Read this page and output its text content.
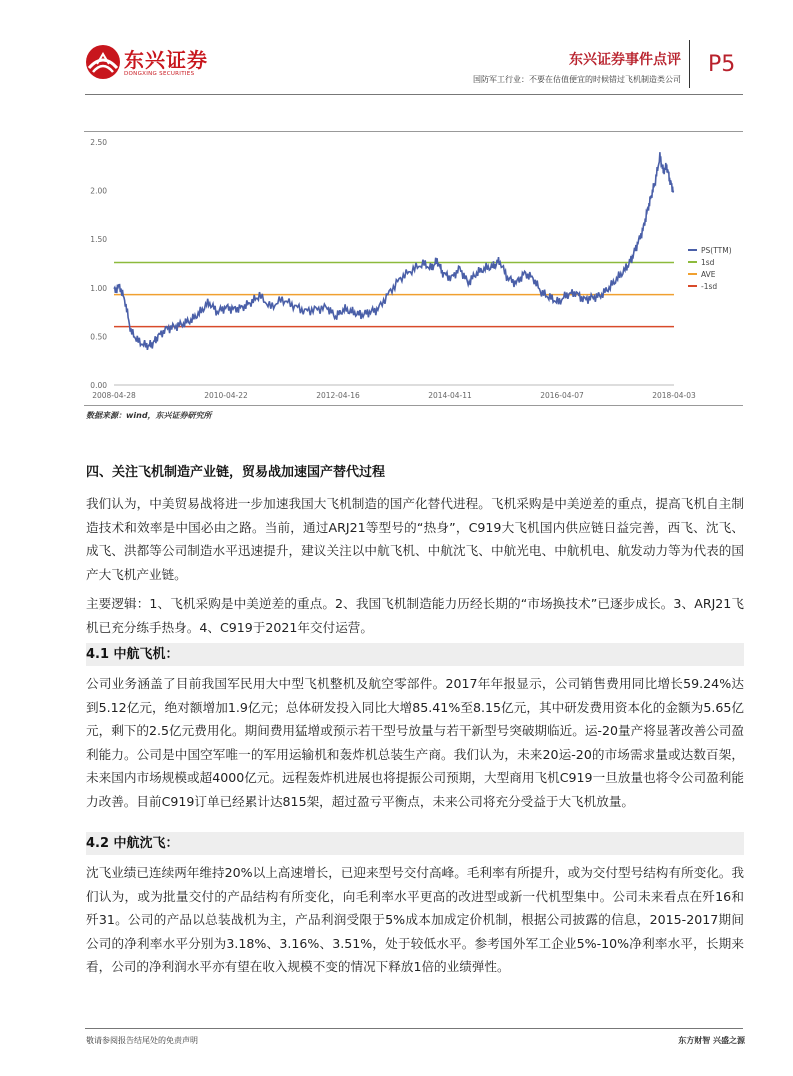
东兴证券
DONGXING SECURITIES
东兴证券事件点评
国防军工行业：不要在估值便宜的时候错过飞机制造类公司
P5
2.50
2.00
1.50
1.00
0.50
0.00
2008-04-28	2010-04-22	2012-04-16	2014-04-11	2016-04-07	2018-04-03
PS(TTM)
1sd
AVE
-1sd
数据来源：wind，东兴证券研究所
四、关注飞机制造产业链，贸易战加速国产替代过程
我们认为，中美贸易战将进一步加速我国大飞机制造的国产化替代进程。飞机采购是中美逆差的重点，提高飞机自主制造技术和效率是中国必由之路。当前，通过ARJ21等型号的“热身”，C919大飞机国内供应链日益完善，西飞、沈飞、成飞、洪都等公司制造水平迅速提升，建议关注以中航飞机、中航沈飞、中航光电、中航机电、航发动力等为代表的国产大飞机产业链。
主要逻辑：1、飞机采购是中美逆差的重点。2、我国飞机制造能力历经长期的“市场换技术”已逐步成长。3、ARJ21飞机已充分练手热身。4、C919于2021年交付运营。
4.1 中航飞机：
公司业务涵盖了目前我国军民用大中型飞机整机及航空零部件。2017年年报显示，公司销售费用同比增长59.24%达到5.12亿元，绝对额增加1.9亿元；总体研发投入同比大增85.41%至8.15亿元，其中研发费用资本化的金额为5.65亿元，剩下的2.5亿元费用化。期间费用猛增或预示若干型号放量与若干新型号突破期临近。运-20量产将显著改善公司盈利能力。公司是中国空军唯一的军用运输机和轰炸机总装生产商。我们认为，未来20运-20的市场需求量或达数百架，未来国内市场规模或超4000亿元。远程轰炸机进展也将提振公司预期，大型商用飞机C919一旦放量也将令公司盈利能力改善。目前C919订单已经累计达815架，超过盈亏平衡点，未来公司将充分受益于大飞机放量。
4.2 中航沈飞：
沈飞业绩已连续两年维持20%以上高速增长，已迎来型号交付高峰。毛利率有所提升，或为交付型号结构有所变化。我们认为，或为批量交付的产品结构有所变化，向毛利率水平更高的改进型或新一代机型集中。公司未来看点在歼16和歼31。公司的产品以总装战机为主，产品利润受限于5%成本加成定价机制，根据公司披露的信息，2015-2017期间公司的净利率水平分别为3.18%、3.16%、3.51%，处于较低水平。参考国外军工企业5%-10%净利率水平，长期来看，公司的净利润水平亦有望在收入规模不变的情况下释放1倍的业绩弹性。
敬请参阅报告结尾处的免责声明	东方财智 兴盛之源
